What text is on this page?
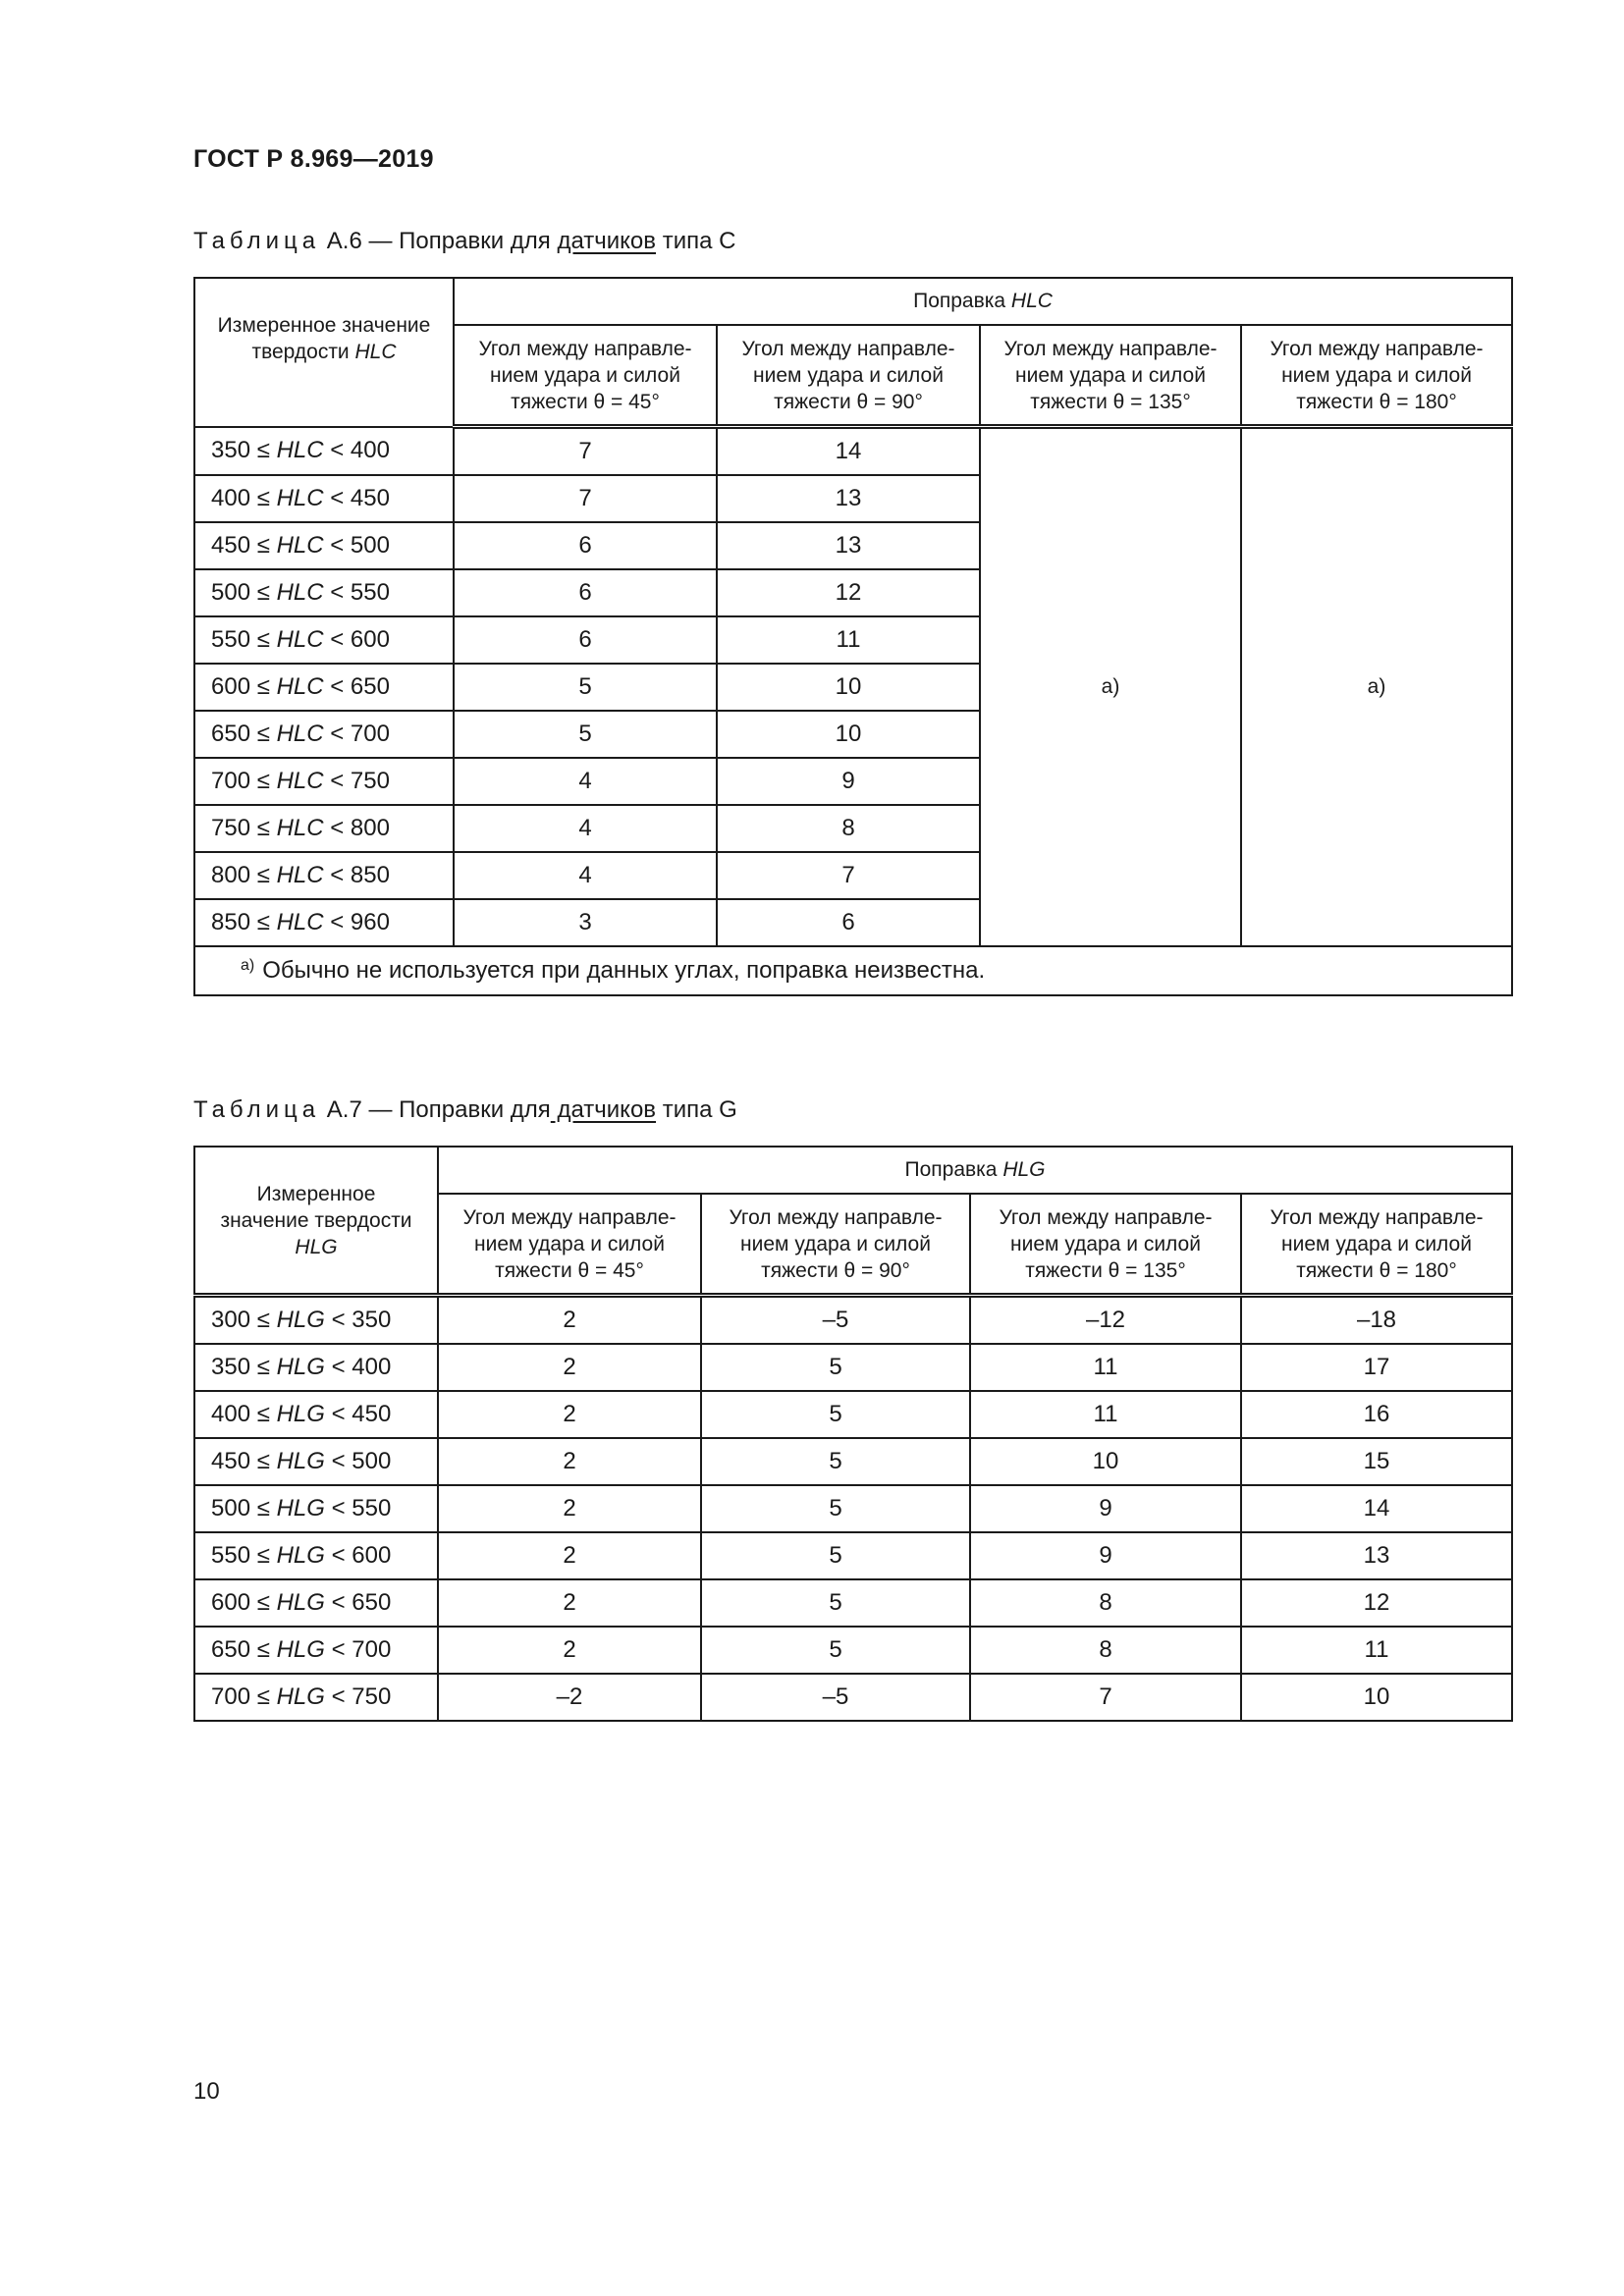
ГОСТ Р 8.969—2019
Таблица А.6 — Поправки для датчиков типа С
Измеренное значение
твердости HLC	Поправка HLC			
	Угол между направле-
нием удара и силой
тяжести θ = 45°	Угол между направле-
нием удара и силой
тяжести θ = 90°	Угол между направле-
нием удара и силой
тяжести θ = 135°	Угол между направле-
нием удара и силой
тяжести θ = 180°
350 ≤ HLC < 400	7	14	a)	a)
400 ≤ HLC < 450	7	13		
450 ≤ HLC < 500	6	13		
500 ≤ HLC < 550	6	12		
550 ≤ HLC < 600	6	11		
600 ≤ HLC < 650	5	10		
650 ≤ HLC < 700	5	10		
700 ≤ HLC < 750	4	9		
750 ≤ HLC < 800	4	8		
800 ≤ HLC < 850	4	7		
850 ≤ HLC < 960	3	6		
$^{a)}$ Обычно не используется при данных углах, поправка неизвестна.				
Таблица А.7 — Поправки для датчиков типа G
Измеренное
значение твердости
HLG	Поправка HLG			
	Угол между направле-
нием удара и силой
тяжести θ = 45°	Угол между направле-
нием удара и силой
тяжести θ = 90°	Угол между направле-
нием удара и силой
тяжести θ = 135°	Угол между направле-
нием удара и силой
тяжести θ = 180°
300 ≤ HLG < 350	2	–5	–12	–18
350 ≤ HLG < 400	2	5	11	17
400 ≤ HLG < 450	2	5	11	16
450 ≤ HLG < 500	2	5	10	15
500 ≤ HLG < 550	2	5	9	14
550 ≤ HLG < 600	2	5	9	13
600 ≤ HLG < 650	2	5	8	12
650 ≤ HLG < 700	2	5	8	11
700 ≤ HLG < 750	–2	–5	7	10
10
